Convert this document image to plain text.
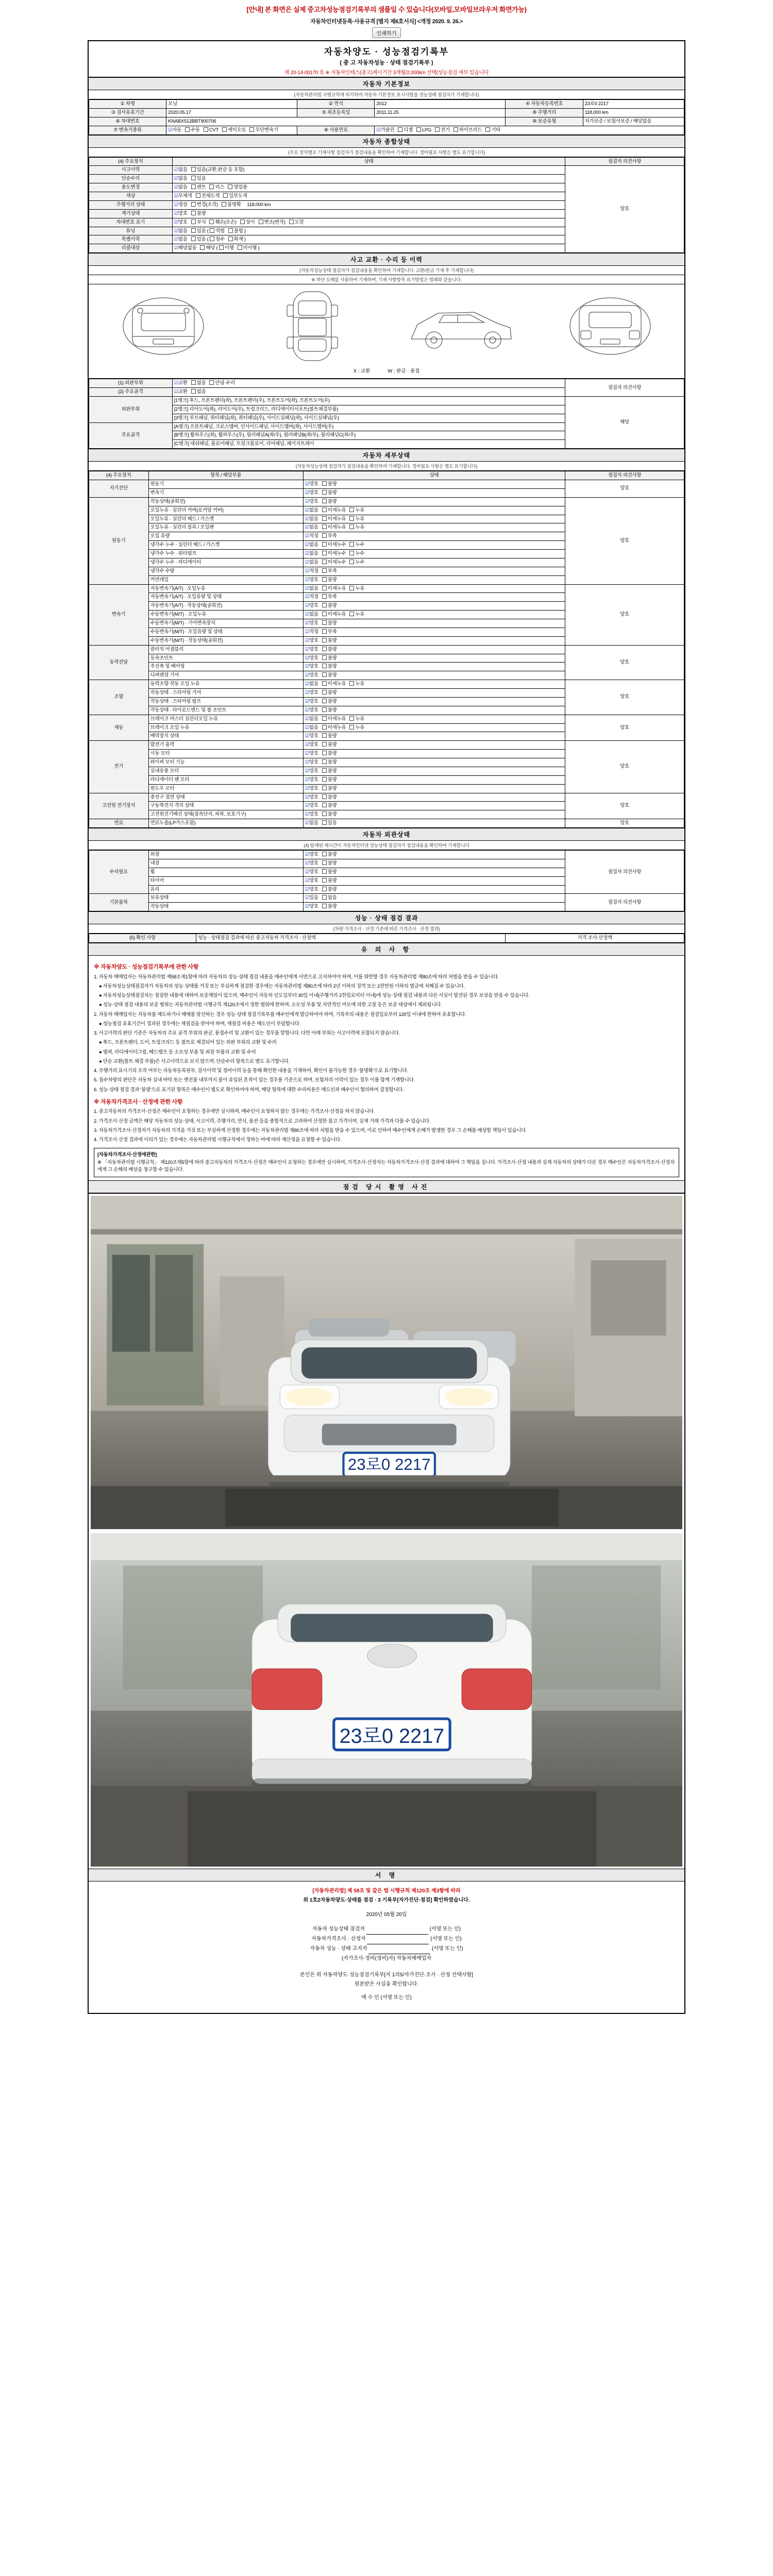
[안내] 본 화면은 실제 중고차성능점검기록부의 샘플일 수 있습니다(모바일,모바일브라우저 화면가능)
자동차인터넷등록·사용규격 [별지 제6호서식] <개정 2020. 9. 26.>
인쇄하기
자동차양도 · 성능점검기록부
( 중 고 자동차성능 · 상태 점검기록부 )
제 20-14-00170 호 ※ 자동차인테스(중고)제시기간 3개월/2,000km 선택(성능점검 세부 있습니다
자동차 기본정보
(자동차관리법 시행규칙에 의거하여 자동차 기본정보 표시사항을 성능상태 점검자가 기재합니다)
① 차명	모닝	② 연식	2012	④ 자동차등록번호	23로0 2217
③ 검사유효기간	2020.05.17	⑤ 최초등록일	2011.11.25	⑨ 주행거리	118,000 km
⑥ 차대번호	KNABX512BBT900706			⑩ 보증유형	자가보증 / 보험사보증 / 해당없음
⑦ 변속기종류	☑자동   수동   CVT   세미오토   무단변속기	⑧ 사용연료	☑가솔린   디젤   LPG   전기   하이브리드   기타		
자동차 종합상태
(주요 장치별로 기재사항 점검자가 점검내용을 확인하여 기재합니다. 정비필요 사항은 별도 표기합니다)
(4) 주요장치	상태	점검자 의견사항
사고이력	☑없음   있음(교환,판금 등 포함)	양호
단순수리	☑없음   있음	
용도변경	☑없음   렌트   리스   영업용	
색상	☑무채색   전체도색   일부도색	
주행거리 상태	☑정상   변경(조작)   불명확     118,000 km	
계기상태	☑양호   불량	
차대번호 표기	☑양호   부식   훼손(오손)   상이   변조(변작)   도말	
튜닝	☑없음   있음 ( 적법   불법 )	
특별이력	☑없음   있음 ( 침수   화재 )	
리콜대상	☑해당없음   해당 ( 이행   미이행 )	
사고 교환 · 수리 등 이력
(자동차성능상태 점검자가 점검내용을 확인하여 기재합니다. 교환/판금 기재 후 기재합니다)
※ 하단 도해를 사용하여 기재하며, 기재 사항항목 표기방법은 범례와 같습니다.
X : 교환	W : 판금 · 용접
(1) 외판부위	☑교환   없음   안녕·수리	점검자 의견사항
(2) 주요골격	☑교환   없음	
외판부위	[1랭크] 후드, 프론트펜더(좌), 프론트펜더(우), 프론트도어(좌), 프론트도어(우)	해당
	[2랭크] 리어도어(좌), 리어도어(우), 트렁크리드, 라디에이터서포트(볼트체결부품)	
	[3랭크] 루프패널, 쿼터패널(좌), 쿼터패널(우), 사이드실패널(좌), 사이드실패널(우)	
주요골격	[A랭크] 프론트패널, 크로스멤버, 인사이드패널, 사이드멤버(좌), 사이드멤버(우)	
	[B랭크] 휠하우스(좌), 휠하우스(우), 필러패널A(좌/우), 필러패널B(좌/우), 필러패널C(좌/우)	
	[C랭크] 대쉬패널, 플로어패널, 트렁크플로어, 리어패널, 패키지트레이	
자동차 세부상태
(자동차성능상태 점검자가 점검내용을 확인하여 기재합니다. 정비필요 사항은 별도 표기합니다)
(4) 주요장치	항목 / 해당부품	상태	점검자 의견사항
자기진단	원동기	☑양호   불량	양호
	변속기	☑양호   불량	
원동기	작동상태(공회전)	☑양호   불량	양호
	오일누유 · 실린더 커버(로커암 커버)	☑없음   미세누유   누유	
	오일누유 · 실린더 헤드 / 가스켓	☑없음   미세누유   누유	
	오일누유 · 실린더 블록 / 오일팬	☑없음   미세누유   누유	
	오일 유량	☑적정   부족	
	냉각수 누수 · 실린더 헤드 / 가스켓	☑없음   미세누수   누수	
	냉각수 누수 · 워터펌프	☑없음   미세누수   누수	
	냉각수 누수 · 라디에이터	☑없음   미세누수   누수	
	냉각수 수량	☑적정   부족	
	커먼레일	☑양호   불량	
변속기	자동변속기(A/T) · 오일누유	☑없음   미세누유   누유	양호
	자동변속기(A/T) · 오일유량 및 상태	☑적정   부족	
	자동변속기(A/T) · 작동상태(공회전)	☑양호   불량	
	수동변속기(M/T) · 오일누유	☑없음   미세누유   누유	
	수동변속기(M/T) · 기어변속장치	☑양호   불량	
	수동변속기(M/T) · 오일유량 및 상태	☑적정   부족	
	수동변속기(M/T) · 작동상태(공회전)	☑양호   불량	
동력전달	클러치 어셈블리	☑양호   불량	양호
	등속조인트	☑양호   불량	
	추진축 및 베어링	☑양호   불량	
	디퍼렌셜 기어	☑양호   불량	
조향	동력조향 작동 오일 누유	☑없음   미세누유   누유	양호
	작동상태 · 스티어링 기어	☑양호   불량	
	작동상태 · 스티어링 펌프	☑양호   불량	
	작동상태 · 타이로드엔드 및 볼 조인트	☑양호   불량	
제동	브레이크 마스터 실린더오일 누유	☑없음   미세누유   누유	양호
	브레이크 오일 누유	☑없음   미세누유   누유	
	배력장치 상태	☑양호   불량	
전기	발전기 출력	☑양호   불량	양호
	시동 모터	☑양호   불량	
	와이퍼 모터 기능	☑양호   불량	
	실내송풍 모터	☑양호   불량	
	라디에이터 팬 모터	☑양호   불량	
	윈도우 모터	☑양호   불량	
고전원 전기장치	충전구 절연 상태	☑양호   불량	양호
	구동축전지 격리 상태	☑양호   불량	
	고전원전기배선 상태(접속단자, 피복, 보호기구)	☑양호   불량	
연료	연료누출(LP가스포함)	☑없음   있음	양호
자동차 외관상태
(4) 탑재된 제시간이 자동차인터넷 성능상태 점검자가 점검내용을 확인하여 기재합니다
수리필요	외장	☑양호   불량	점검자 의견사항
	내장	☑양호   불량	
	휠	☑양호   불량	
	타이어	☑양호   불량	
	유리	☑양호   불량	
기본품목	보유상태	☑있음   없음	점검자 의견사항
	작동상태	☑양호   불량	
성능 · 상태 점검 결과
(차량 가격조사 · 산정 기준에 따른 가격조사 · 산정 결과)
(5) 확인 사항	성능 · 상태점검 결과에 따른 중고자동차 가격조사 · 산정액	가격 조사·산정액
유 의 사 항
※ 자동차양도 · 성능점검기록부에 관한 사항

1. 자동차 매매업자는 자동차관리법 제58조제1항에 따라 자동차의 성능·상태 점검 내용을 매수인에게 서면으로 고지하여야 하며, 이를 위반할 경우 자동차관리법 제80조에 따라 처벌을 받을 수 있습니다.

● 자동차성능상태점검자가 자동차의 성능·상태를 거짓 또는 부실하게 점검한 경우에는 자동차관리법 제80조에 따라 2년 이하의 징역 또는 2천만원 이하의 벌금에 처해질 수 있습니다.

● 자동차성능상태점검자는 점검한 내용에 대하여 보증책임이 있으며, 매수인이 자동차 인도일부터 30일 이내(주행거리 2천킬로미터 이내)에 성능·상태 점검 내용과 다른 사실이 발견된 경우 보상을 받을 수 있습니다.

● 성능·상태 점검 내용의 보증 범위는 자동차관리법 시행규칙 제120조에서 정한 범위에 한하며, 소모성 부품 및 자연적인 마모에 의한 고장 등은 보증 대상에서 제외됩니다.

2. 자동차 매매업자는 자동차를 매도하거나 매매를 알선하는 경우 성능·상태 점검기록부를 매수인에게 발급하여야 하며, 기록부의 내용은 점검일로부터 120일 이내에 한하여 유효합니다.

● 성능점검 유효기간이 경과된 경우에는 재점검을 받아야 하며, 재점검 비용은 매도인이 부담합니다.

3. 사고이력의 판단 기준은 자동차의 주요 골격 부위의 판금, 용접수리 및 교환이 있는 경우를 말합니다. 다만 아래 부위는 사고이력에 포함되지 않습니다.

● 후드, 프론트펜더, 도어, 트렁크리드 등 볼트로 체결되어 있는 외판 부위의 교환 및 수리

● 범퍼, 라디에이터그릴, 헤드램프 등 소모성 부품 및 외장 부품의 교환 및 수리

● 단순 교환(볼트 체결 부품)은 사고이력으로 보지 않으며, 단순수리 항목으로 별도 표기합니다.

4. 주행거리 표시기의 조작 여부는 자동차등록원부, 검사이력 및 정비이력 등을 통해 확인한 내용을 기재하며, 확인이 불가능한 경우 '불명확'으로 표기합니다.

5. 침수차량의 판단은 자동차 실내 바닥 또는 엔진룸 내부까지 물이 유입된 흔적이 있는 경우를 기준으로 하며, 보험처리 이력이 있는 경우 이를 함께 기재합니다.

6. 성능·상태 점검 결과 '불량'으로 표기된 항목은 매수인이 별도로 확인하여야 하며, 해당 항목에 대한 수리비용은 매도인과 매수인이 협의하여 결정합니다.

※ 자동차가격조사 · 산정에 관한 사항

1. 중고자동차의 가격조사·산정은 매수인이 요청하는 경우에만 실시하며, 매수인이 요청하지 않는 경우에는 가격조사·산정을 하지 않습니다.

2. 가격조사·산정 금액은 해당 자동차의 성능·상태, 사고이력, 주행거리, 연식, 옵션 등을 종합적으로 고려하여 산정한 참고 가격이며, 실제 거래 가격과 다를 수 있습니다.

3. 자동차가격조사·산정자가 자동차의 가격을 거짓 또는 부실하게 산정한 경우에는 자동차관리법 제80조에 따라 처벌을 받을 수 있으며, 이로 인하여 매수인에게 손해가 발생한 경우 그 손해를 배상할 책임이 있습니다.

4. 가격조사·산정 결과에 이의가 있는 경우에는 자동차관리법 시행규칙에서 정하는 바에 따라 재산정을 요청할 수 있습니다.

[자동차가격조사·산정에관한]
※ 「자동차관리법 시행규칙」 제120조제5항에 따라 중고자동차의 가격조사·산정은 매수인이 요청하는 경우에만 실시하며, 가격조사·산정자는 자동차가격조사·산정 결과에 대하여 그 책임을 집니다. 가격조사·산정 내용과 실제 자동차의 상태가 다른 경우 매수인은 자동차가격조사·산정자에게 그 손해의 배상을 청구할 수 있습니다.
점검 당시 촬영 사진
23로0 2217
23로0 2217
서 명
[자동차관리법] 제 58조 및 같은 법 시행규칙 제120조 제3항에 따라
위 1호2자동차양도·상태를 점검 · 3 기록부[자가진단·점검] 확인하였습니다.
2020년 05월 20일
자동차 성능상태 점검자	(서명 또는 인)
자동차가격조사 · 산정자	(서명 또는 인)
자동차 성능 · 상태 고지자	(서명 또는 인)
(자가조사·정비(정비)자) 자동차매매업자
본인은 위 자동차양도·성능점검기록부[지 1의5/자가진단·조사 · 산정 선택사항]
원본받은 사실을 확인합니다.
매 수 인 (서명 또는 인)
